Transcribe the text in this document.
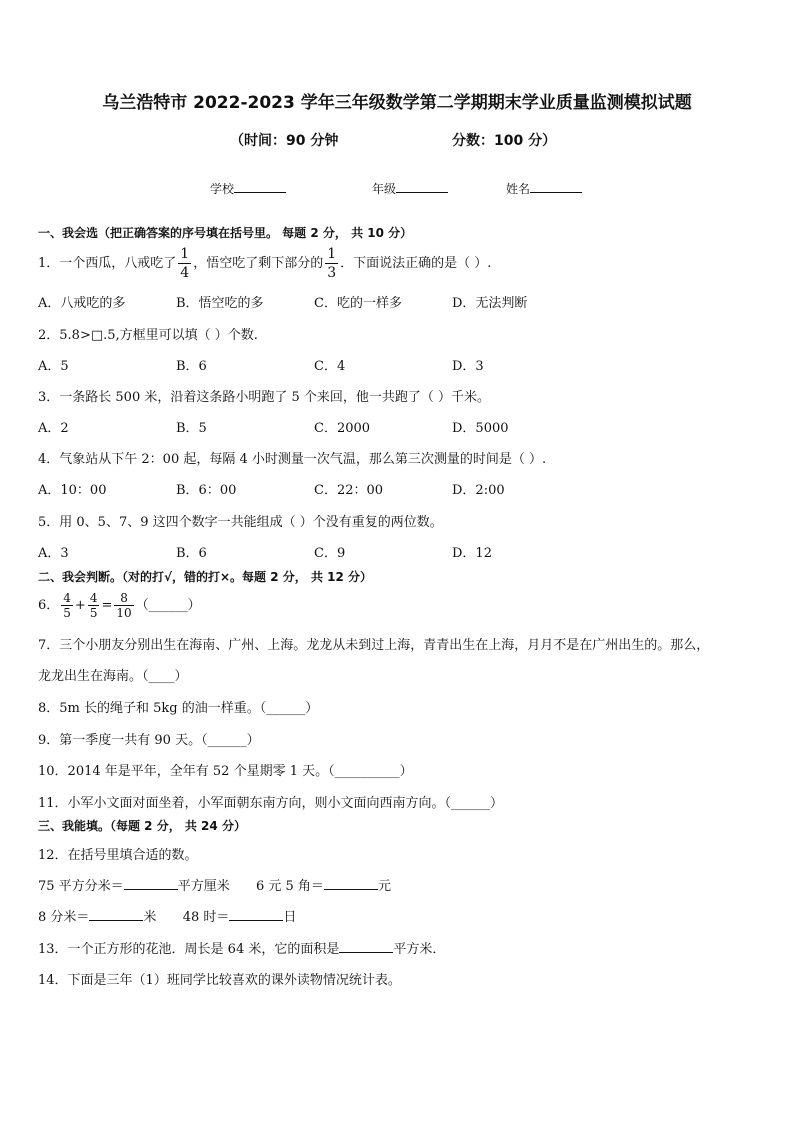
乌兰浩特市 2022-2023 学年三年级数学第二学期期末学业质量监测模拟试题
（时间：90 分钟	分数：100 分）
学校	年级	姓名
一、我会选（把正确答案的序号填在括号里。 每题 2 分， 共 10 分）
1．一个西瓜，八戒吃了 $\frac{1}{4}$ ，悟空吃了剩下部分的 $\frac{1}{3}$ ．下面说法正确的是（ ）.
A．八戒吃的多	B．悟空吃的多	C．吃的一样多	D．无法判断
2．5.8>□.5,方框里可以填（ ）个数.
A．5	B．6	C．4	D．3
3．一条路长 500 米，沿着这条路小明跑了 5 个来回，他一共跑了（ ）千米。
A．2	B．5	C．2000	D．5000
4．气象站从下午 2：00 起，每隔 4 小时测量一次气温，那么第三次测量的时间是（ ）.
A．10：00	B．6：00	C．22：00	D．2:00
5．用 0、5、7、9 这四个数字一共能组成（ ）个没有重复的两位数。
A．3	B．6	C．9	D．12
二、我会判断。（对的打√，错的打×。每题 2 分， 共 12 分）
6． $\frac{4}{5} + \frac{4}{5} = \frac{8}{10}$ （______）
7．三个小朋友分别出生在海南、广州、上海。龙龙从未到过上海，青青出生在上海，月月不是在广州出生的。那么，
龙龙出生在海南。（____）
8．5m 长的绳子和 5kg 的油一样重。（______）
9．第一季度一共有 90 天。（______）
10．2014 年是平年，全年有 52 个星期零 1 天。（__________）
11．小军小文面对面坐着，小军面朝东南方向，则小文面向西南方向。（______）
三、我能填。（每题 2 分， 共 24 分）
12．在括号里填合适的数。
75 平方分米＝	平方厘米 6 元 5 角＝	元
8 分米＝	米 48 时＝	日
13．一个正方形的花池．周长是 64 米，它的面积是	平方米．
14．下面是三年（1）班同学比较喜欢的课外读物情况统计表。
